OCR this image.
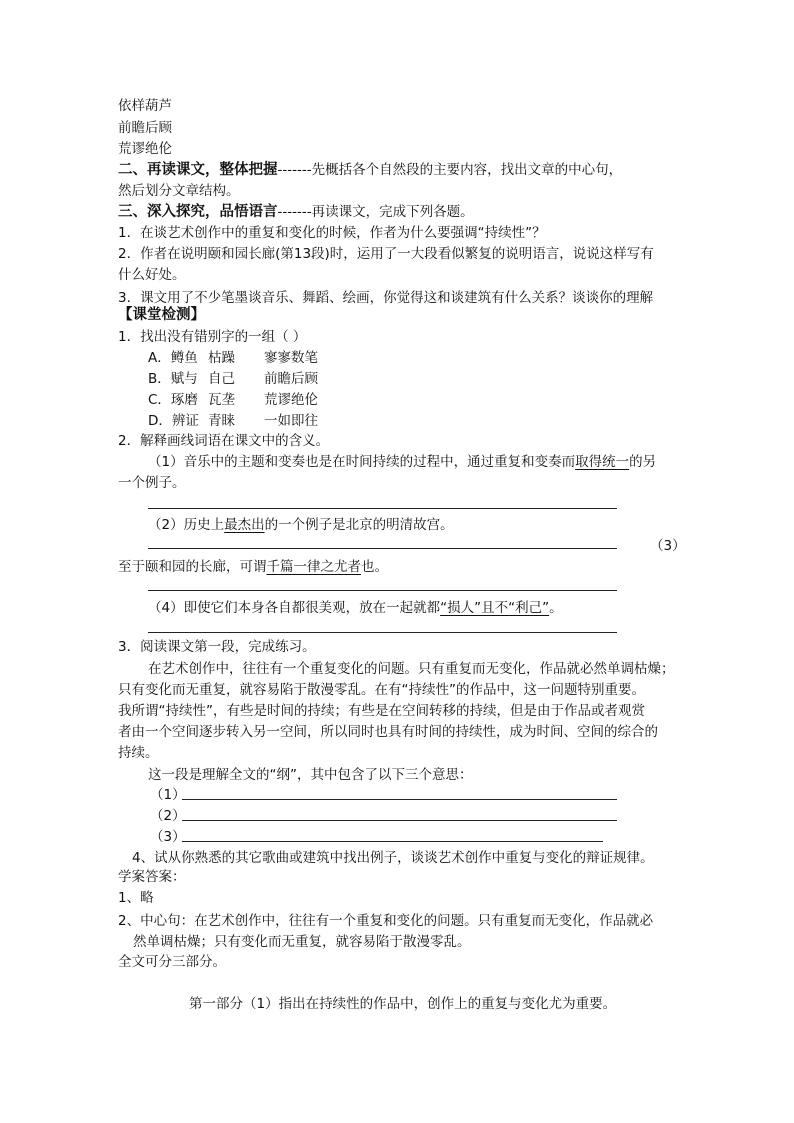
依样葫芦
前瞻后顾
荒谬绝伦
二、再读课文，整体把握-------先概括各个自然段的主要内容，找出文章的中心句，
然后划分文章结构。
三、深入探究，品悟语言-------再读课文，完成下列各题。
1．在谈艺术创作中的重复和变化的时候，作者为什么要强调“持续性”？
2．作者在说明颐和园长廊(第13段)时，运用了一大段看似繁复的说明语言，说说这样写有
什么好处。
3．课文用了不少笔墨谈音乐、舞蹈、绘画，你觉得这和谈建筑有什么关系？谈谈你的理解
【课堂检测】
1．找出没有错别字的一组（ ）
A．鳟鱼 枯躁 寥寥数笔
B．赋与 自己 前瞻后顾
C．琢磨 瓦垄 荒谬绝伦
D．辨证 青睐 一如即往
2．解释画线词语在课文中的含义。
（1）音乐中的主题和变奏也是在时间持续的过程中，通过重复和变奏而取得统一的另
一个例子。
（2）历史上最杰出的一个例子是北京的明清故宫。
（3）
至于颐和园的长廊，可谓千篇一律之尤者也。
（4）即使它们本身各自都很美观，放在一起就都“损人”且不“利己”。
3．阅读课文第一段，完成练习。
在艺术创作中，往往有一个重复变化的问题。只有重复而无变化，作品就必然单调枯燥；
只有变化而无重复，就容易陷于散漫零乱。在有“持续性”的作品中，这一问题特别重要。
我所谓“持续性”，有些是时间的持续；有些是在空间转移的持续，但是由于作品或者观赏
者由一个空间逐步转入另一空间，所以同时也具有时间的持续性，成为时间、空间的综合的
持续。
这一段是理解全文的“纲”，其中包含了以下三个意思：
（1）
（2）
（3）
4、试从你熟悉的其它歌曲或建筑中找出例子，谈谈艺术创作中重复与变化的辩证规律。
学案答案：
1、略
2、中心句：在艺术创作中，往往有一个重复和变化的问题。只有重复而无变化，作品就必
然单调枯燥；只有变化而无重复，就容易陷于散漫零乱。
全文可分三部分。
第一部分（1）指出在持续性的作品中，创作上的重复与变化尤为重要。
